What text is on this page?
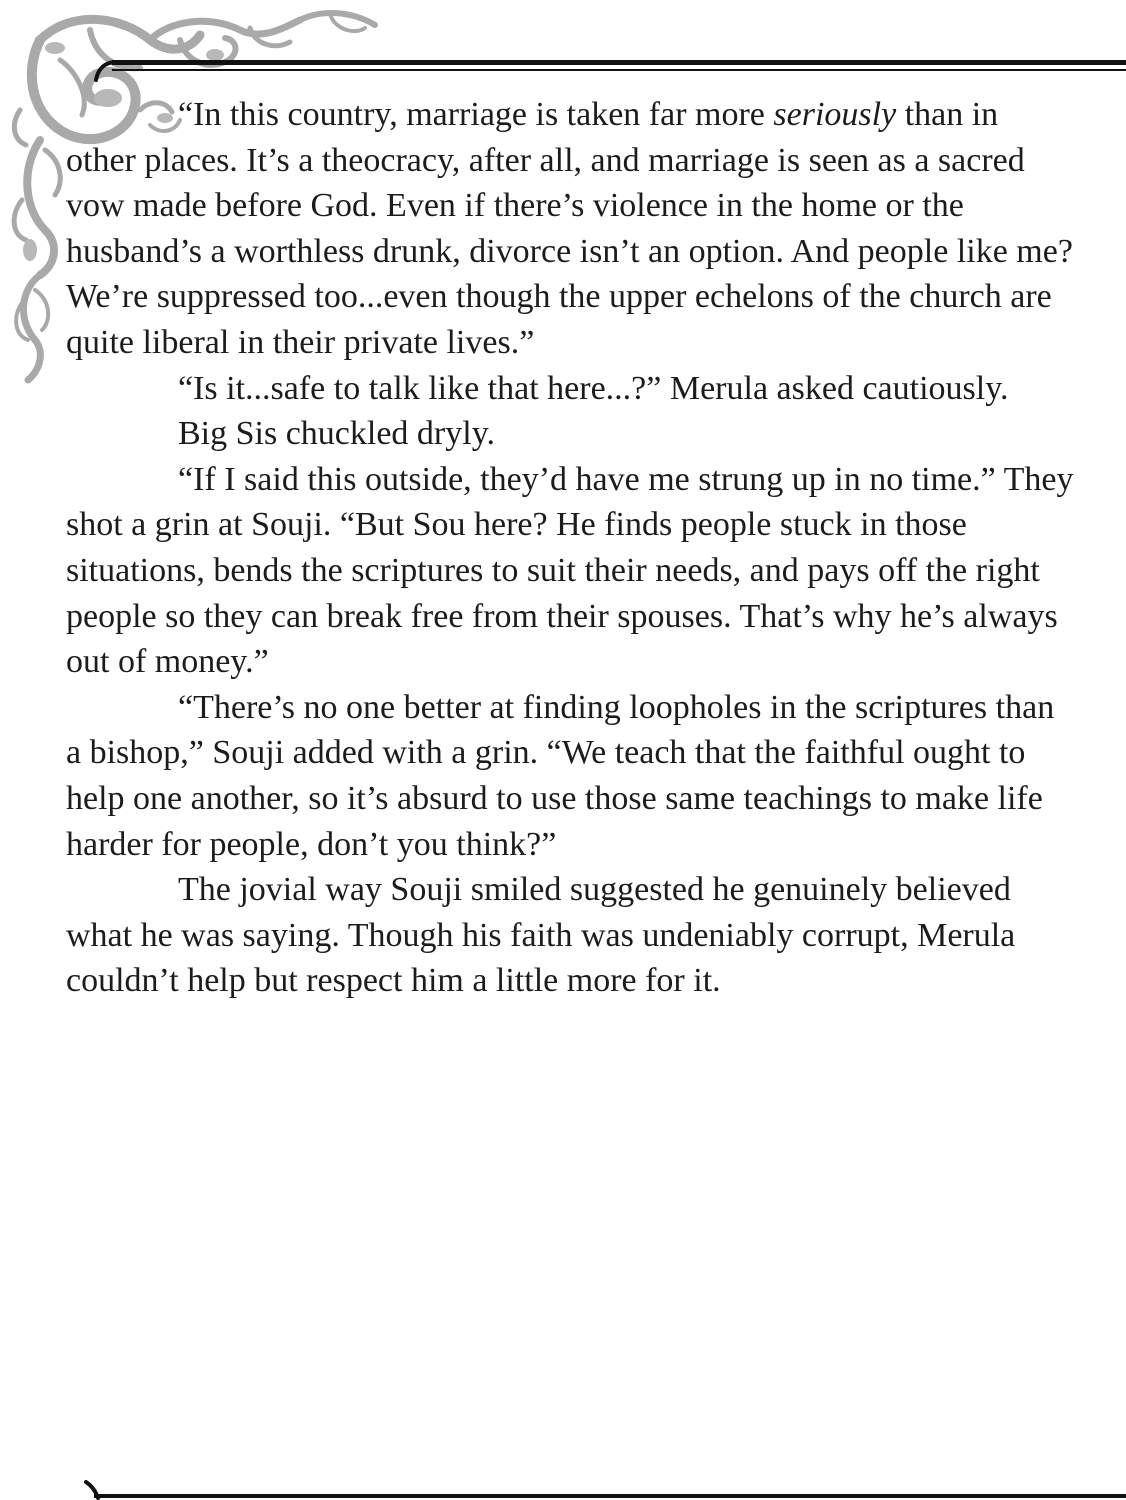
“In this country, marriage is taken far more seriously than in other places. It’s a theocracy, after all, and marriage is seen as a sacred vow made before God. Even if there’s violence in the home or the husband’s a worthless drunk, divorce isn’t an option. And people like me? We’re suppressed too...even though the upper echelons of the church are quite liberal in their private lives.”

“Is it...safe to talk like that here...?” Merula asked cautiously.

Big Sis chuckled dryly.

“If I said this outside, they’d have me strung up in no time.” They shot a grin at Souji. “But Sou here? He finds people stuck in those situations, bends the scriptures to suit their needs, and pays off the right people so they can break free from their spouses. That’s why he’s always out of money.”

“There’s no one better at finding loopholes in the scriptures than a bishop,” Souji added with a grin. “We teach that the faithful ought to help one another, so it’s absurd to use those same teachings to make life harder for people, don’t you think?”

The jovial way Souji smiled suggested he genuinely believed what he was saying. Though his faith was undeniably corrupt, Merula couldn’t help but respect him a little more for it.
